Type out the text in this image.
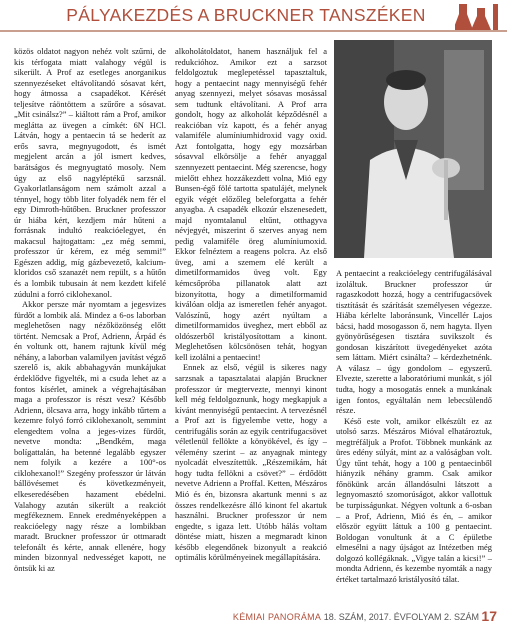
PÁLYAKEZDÉS A BRUCKNER TANSZÉKEN

közös oldatot nagyon nehéz volt szűrni, de kis térfogata miatt valahogy végül is sikerült. A Prof az esetleges anorganikus szennyezéseket eltávolítandó sósavat kért, hogy átmossa a csapadékot. Kérését teljesítve ráöntöttem a szűrőre a sósavat. „Mit csinálsz?” – kiáltott rám a Prof, amikor meglátta az üvegen a címkét: 6N HCl. Látván, hogy a pentaecin tá se hederít az erős savra, megnyugodott, és ismét megjelent arcán a jól ismert kedves, barátságos és megnyugtató mosoly. Nem úgy az első nagyléptékű sarzsnál. Gyakorlatlanságom nem számolt azzal a ténnyel, hogy több liter folyadék nem fér el egy Dimroth-hűtőben. Bruckner professzor úr hiába kért, kezdjem már hűteni a forrásnak indultó reakcióelegyet, én makacsul hajtogattam: „ez még semmi, professzor úr kérem, ez még semmi!” Egészen addig, míg gázbevezető, kalcium-kloridos cső szanazét nem repült, s a hűtőn és a lombik tubusain át nem kezdett kifelé zúdulni a forró ciklohexanol.

Akkor persze már nyomtam a jegesvizes fürdőt a lombik alá. Mindez a 6-os laborban meglehetősen nagy nézőközönség előtt történt. Nemcsak a Prof, Adrienn, Árpád és én voltunk ott, hanem rajtunk kívül még néhány, a laborban valamilyen javítást végző szerelő is, akik abbahagyván munkájukat érdeklődve figyelték, mi a csuda lehet az a fontos kísérlet, aminek a végrehajtásában maga a professzor is részt vesz? Később Adrienn, ölcsava arra, hogy inkább tűrtem a kezemre folyó forró ciklohexanolt, semmint elengedtem volna a jeges-vizes fürdőt, nevetve mondta: „Bendkém, maga bolígattalán, ha betenné legalább egyszer nem folyik a kezére a 100°-os ciklohexanol!” Szegény professzor úr látván bállövésemet és következményeit, elkeseredésében hazament ebédelni. Valahogy azután sikerült a reakciót megfékeznem. Ennek eredményeképpen a reakcióelegy nagy része a lombikban maradt. Bruckner professzor úr ottmaradt telefonált és kérte, annak ellenére, hogy minden bizonnyal nedvességet kapott, ne öntsük ki az

alkoholátoldatot, hanem használjuk fel a redukcióhoz. Amikor ezt a sarzsot feldolgoztuk meglepetéssel tapasztaltuk, hogy a pentaecint nagy mennyiségű fehér anyag szennyezi, melyet sósavas mosással sem tudtunk eltávolítani. A Prof arra gondolt, hogy az alkoholát képződésnél a reakcióban víz kapott, és a fehér anyag valamiféle alumíniumhidroxid vagy oxid. Azt fontolgatta, hogy egy mozsárban sósavval elkörsölje a fehér anyaggal szennyezett pentaecint. Még szerencse, hogy mielőtt ehhez hozzákezdett volna, Mió egy Bunsen-égő fölé tartotta spatulájét, melynek egyik végét előzőleg beleforgatta a fehér anyagba. A csapadék elkozúr elszenesedett, majd nyomtalanul eltűnt, otthagyva névjegyét, miszerint ő szerves anyag nem pedig valamiféle öreg alumíniumoxid. Ekkor felnéztem a reagens polcra. Az első üveg, ami a szemem elé került a dimetilformamidos üveg volt. Egy kémcsőpróba pillanatok alatt azt bizonyította, hogy a dimetilformamid kiválóan oldja az ismeretlen fehér anyagot. Valószínű, hogy azért nyúltam a dimetilformamidos üveghez, mert ebből az oldószerből kristályosítottam a kinont. Meglehetősen kölcsönösen tehát, hogyan kell izolálni a pentaecint!

Ennek az első, végül is sikeres nagy sarzsnak a tapasztalatai alapján Bruckner professzor úr megtervezte, mennyi kinont kell még feldolgoznunk, hogy megkapjuk a kívánt mennyiségű pentaecint. A tervezésnél a Prof azt is figyelembe vette, hogy a centrifugális során az egyik centrifugacsövet véletlenül fellökte a könyökével, és így – vélemény szerint – az anyagnak mintegy nyolcadát elveszítettük. „Részemikám, hát hogy tudta fellökni a csövet?” – érdődött nevetve Adrienn a Proffal. Ketten, Mészáros Mió és én, bizonsra akartunk menni s az összes rendelkezésre álló kinont fel akartuk használni. Bruckner professzor úr nem engedte, s igaza lett. Utóbb hálás voltam döntése miatt, hiszen a megmaradt kinon később elegendőnek bizonyult a reakció optimális körülményeinek megállapítására.

A pentaecint a reakcióelegy centrifugálásával izoláltuk. Bruckner professzor úr ragaszkodott hozzá, hogy a centrifugacsövek tisztítását és szárítását személyesen végezze. Hiába kérlelte laboránsunk, Vincellér Lajos bácsi, hadd mosogasson ő, nem hagyta. Ilyen gyönyörűségesen tisztára suvikszolt és gondosan kiszárított üvegedényeket azóta sem láttam. Miért csinálta? – kérdezhetnénk. A válasz – úgy gondolom – egyszerű. Elvezte, szerette a laboratóriumi munkát, s jól tudta, hogy a mosogatás ennek a munkának igen fontos, egyáltalán nem lebecsülendő része.

Késő este volt, amikor elkészült ez az utolsó sarzs. Mészáros Mióval elhatároztuk, megtréfáljuk a Profot. Többnek munkánk az üres edény súlyát, mint az a valóságban volt. Úgy tűnt tehát, hogy a 100 g pentaecinből hiányzik néhány gramm. Csak amikor főnökünk arcán állandósulni látszott a legnyomasztó szomorúságot, akkor vallottuk be turpisságunkat. Négyen voltunk a 6-osban – a Prof, Adrienn, Mió és én, – amikor először együtt láttuk a 100 g pentaecint. Boldogan vonultunk át a C épületbe elmesélni a nagy újságot az Intézetben még dolgozó kollégáknak. „Vigye talán a kicsi!” – mondta Adrienn, és kezembe nyomták a nagy értéket tartalmazó kristályosító tálat.

KÉMIAI PANORÁMA 18. SZÁM, 2017. ÉVFOLYAM 2. SZÁM 17
